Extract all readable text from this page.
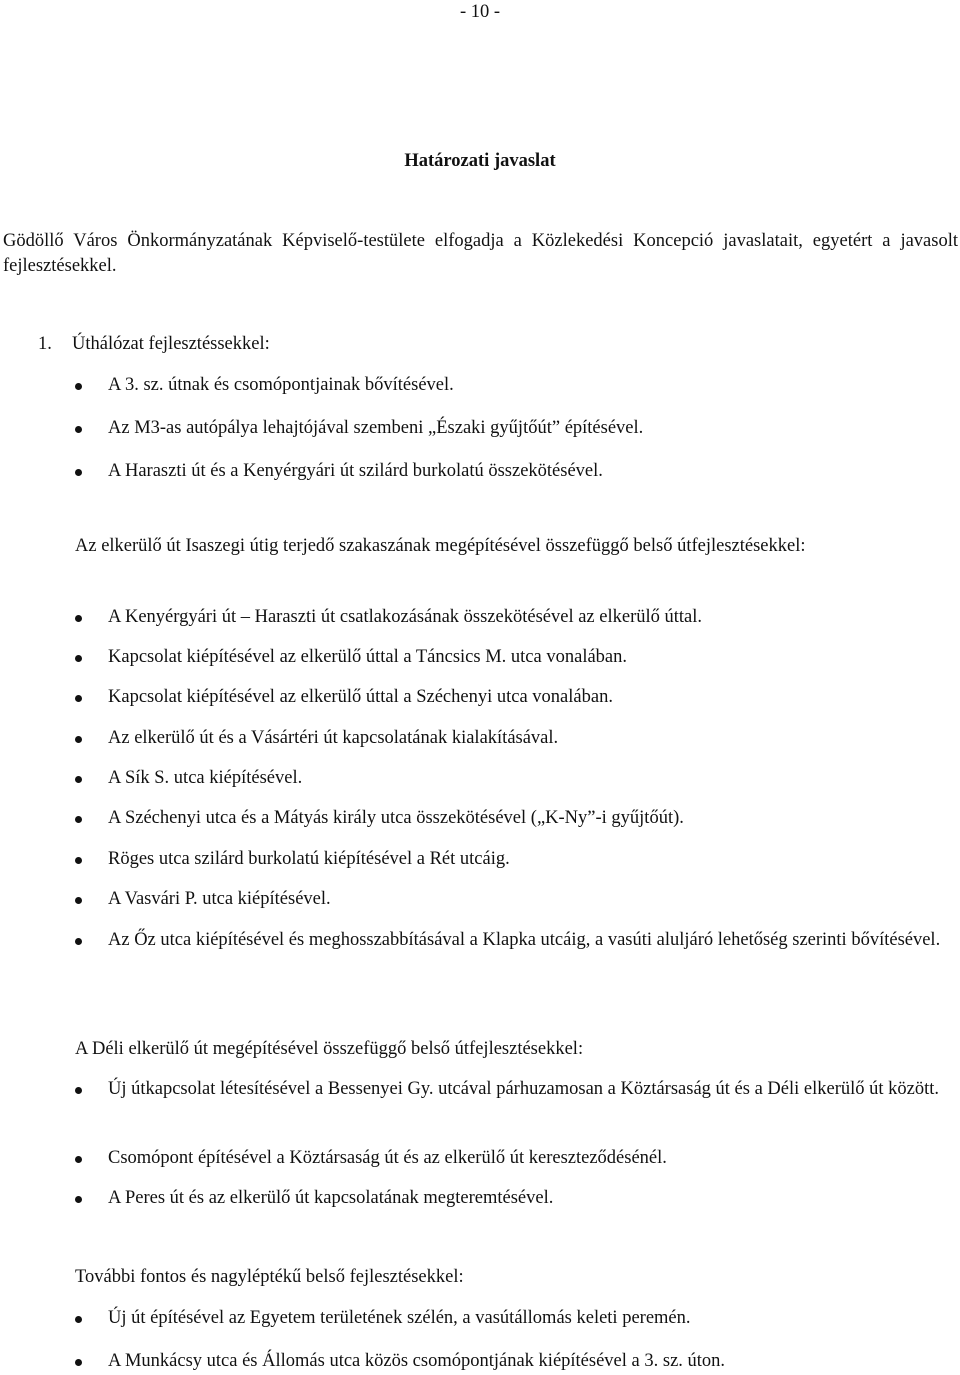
- 10 -
Határozati javaslat
Gödöllő Város Önkormányzatának Képviselő-testülete elfogadja a Közlekedési Koncepció javaslatait, egyetért a javasolt fejlesztésekkel.
1. Úthálózat fejlesztéssekkel:
A 3. sz. útnak és csomópontjainak bővítésével.
Az M3-as autópálya lehajtójával szembeni „Északi gyűjtőút” építésével.
A Haraszti út és a Kenyérgyári út szilárd burkolatú összekötésével.
Az elkerülő út Isaszegi útig terjedő szakaszának megépítésével összefüggő belső útfejlesztésekkel:
A Kenyérgyári út – Haraszti út csatlakozásának összekötésével az elkerülő úttal.
Kapcsolat kiépítésével az elkerülő úttal a Táncsics M. utca vonalában.
Kapcsolat kiépítésével az elkerülő úttal a Széchenyi utca vonalában.
Az elkerülő út és a Vásártéri út kapcsolatának kialakításával.
A Sík S. utca kiépítésével.
A Széchenyi utca és a Mátyás király utca összekötésével („K-Ny”-i gyűjtőút).
Röges utca szilárd burkolatú kiépítésével a Rét utcáig.
A Vasvári P. utca kiépítésével.
Az Őz utca kiépítésével és meghosszabbításával a Klapka utcáig, a vasúti aluljáró lehetőség szerinti bővítésével.
A Déli elkerülő út megépítésével összefüggő belső útfejlesztésekkel:
Új útkapcsolat létesítésével a Bessenyei Gy. utcával párhuzamosan a Köztársaság út és a Déli elkerülő út között.
Csomópont építésével a Köztársaság út és az elkerülő út kereszteződésénél.
A Peres út és az elkerülő út kapcsolatának megteremtésével.
További fontos és nagyléptékű belső fejlesztésekkel:
Új út építésével az Egyetem területének szélén, a vasútállomás keleti peremén.
A Munkácsy utca és Állomás utca közös csomópontjának kiépítésével a 3. sz. úton.
